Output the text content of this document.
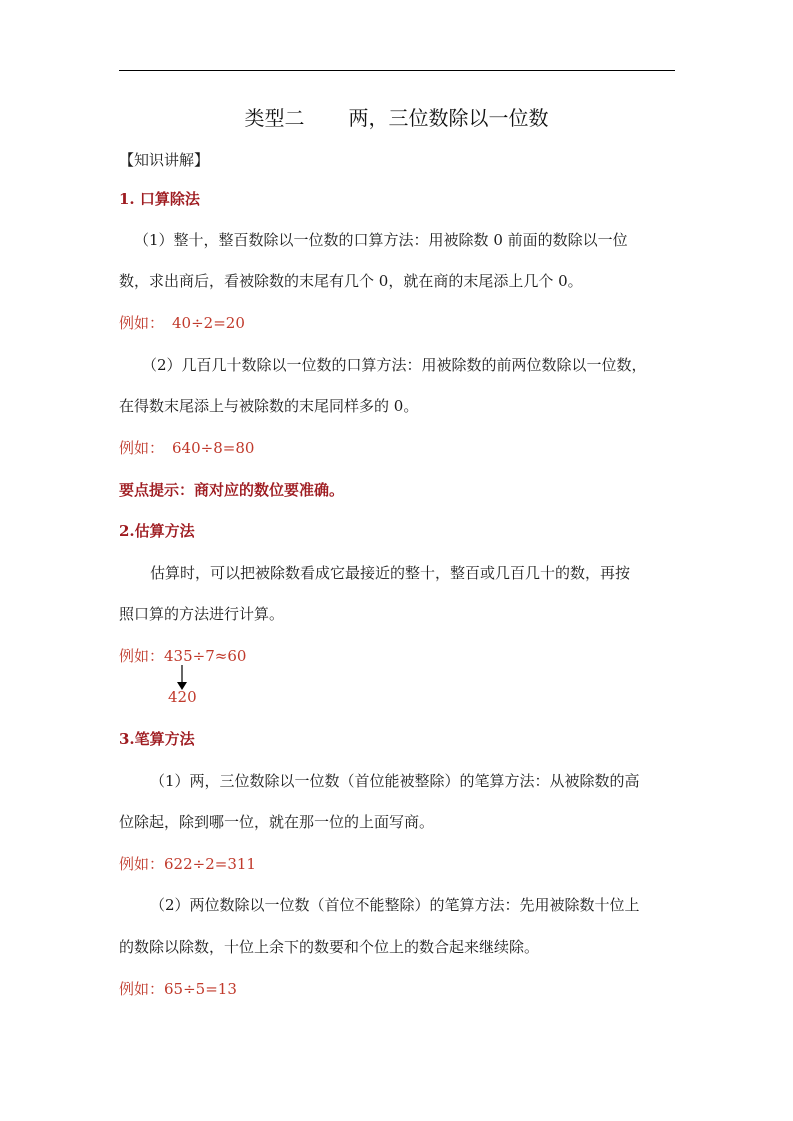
类型二 两，三位数除以一位数
【知识讲解】
1. 口算除法
（1）整十，整百数除以一位数的口算方法：用被除数 0 前面的数除以一位
数，求出商后，看被除数的末尾有几个 0，就在商的末尾添上几个 0。
例如： 40÷2=20
（2）几百几十数除以一位数的口算方法：用被除数的前两位数除以一位数，
在得数末尾添上与被除数的末尾同样多的 0。
例如： 640÷8=80
要点提示：商对应的数位要准确。
2.估算方法
估算时，可以把被除数看成它最接近的整十，整百或几百几十的数，再按
照口算的方法进行计算。
例如：435÷7≈60
420
3.笔算方法
（1）两，三位数除以一位数（首位能被整除）的笔算方法：从被除数的高
位除起，除到哪一位，就在那一位的上面写商。
例如：622÷2=311
（2）两位数除以一位数（首位不能整除）的笔算方法：先用被除数十位上
的数除以除数，十位上余下的数要和个位上的数合起来继续除。
例如：65÷5=13
